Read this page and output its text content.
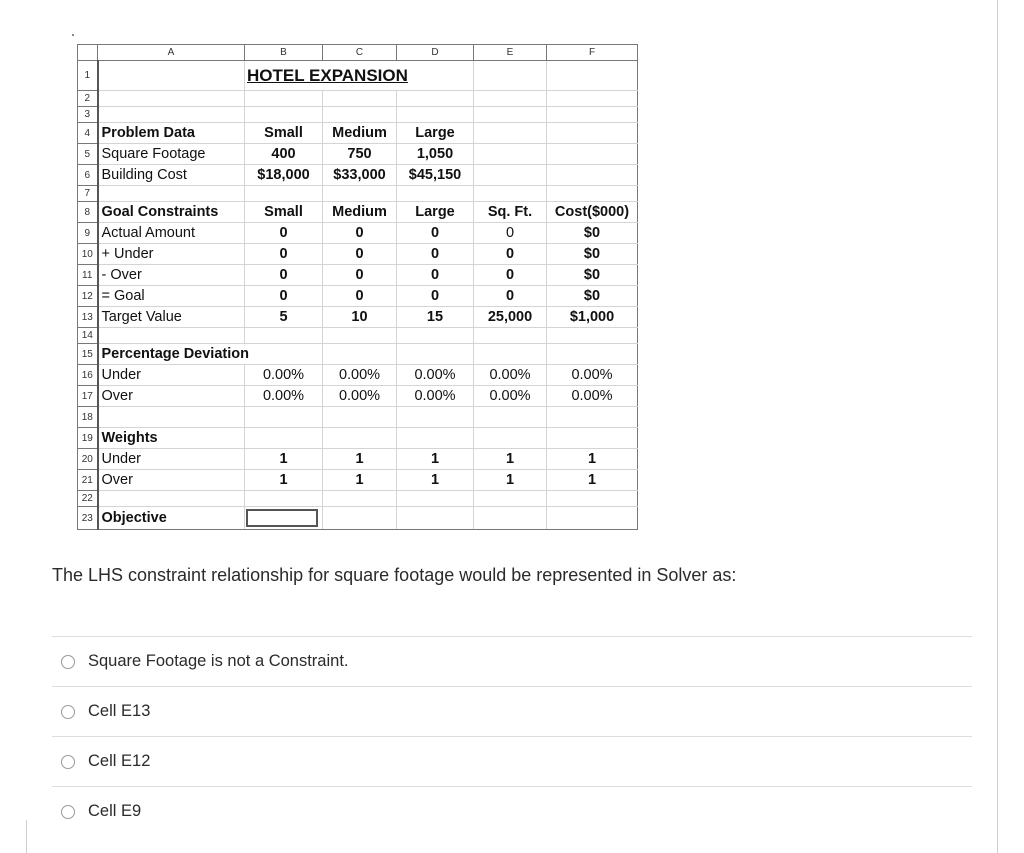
	A	B	C	D	E	F
1		HOTEL EXPANSION				
2						
3						
4	Problem Data	Small	Medium	Large		
5	Square Footage	400	750	1,050		
6	Building Cost	$18,000	$33,000	$45,150		
7						
8	Goal Constraints	Small	Medium	Large	Sq. Ft.	Cost($000)
9	Actual Amount	0	0	0	0	$0
10	+ Under	0	0	0	0	$0
11	- Over	0	0	0	0	$0
12	= Goal	0	0	0	0	$0
13	Target Value	5	10	15	25,000	$1,000
14						
15	Percentage Deviation					
16	Under	0.00%	0.00%	0.00%	0.00%	0.00%
17	Over	0.00%	0.00%	0.00%	0.00%	0.00%
18						
19	Weights					
20	Under	1	1	1	1	1
21	Over	1	1	1	1	1
22						
23	Objective					
The LHS constraint relationship for square footage would be represented in Solver as:
Square Footage is not a Constraint.
Cell E13
Cell E12
Cell E9
